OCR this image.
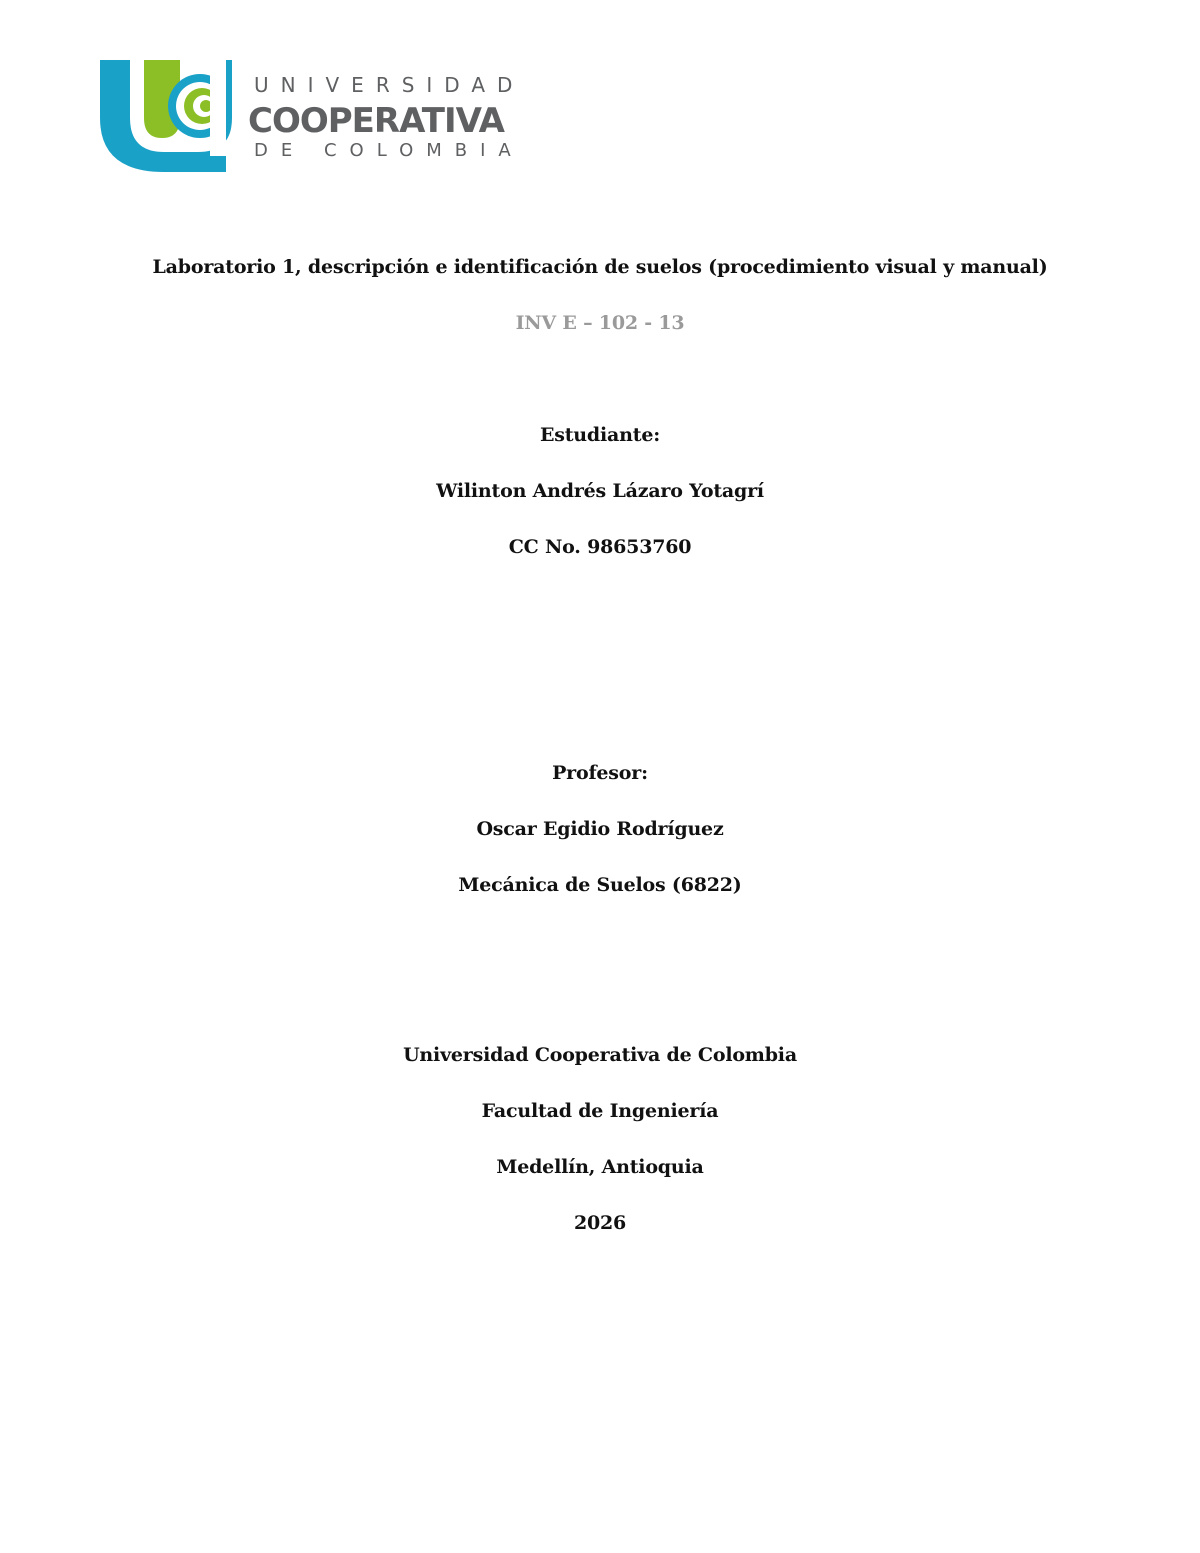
UNIVERSIDAD
COOPERATIVA
DE COLOMBIA
Laboratorio 1, descripción e identificación de suelos (procedimiento visual y manual)
INV E – 102 - 13
Estudiante:
Wilinton Andrés Lázaro Yotagrí
CC No. 98653760
Profesor:
Oscar Egidio Rodríguez
Mecánica de Suelos (6822)
Universidad Cooperativa de Colombia
Facultad de Ingeniería
Medellín, Antioquia
2026
